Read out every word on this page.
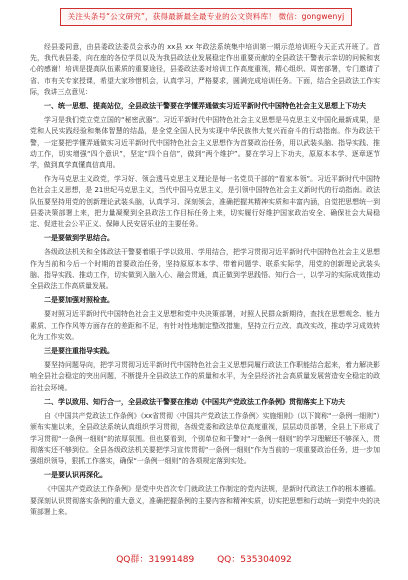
关注头条号“公文研究”，获得最新最全最专业的公文资料库！ 微信：gongwenyj

经县委同意，由县委政法委员会承办的 xx县 xx 年政法系统集中培训第一期示范培训班今天正式开班了。首先，我代表县委，向在座的各位学员以及为我县政法业发展稳定作出重要贡献的全县政法干警表示亲切的问候和衷心的感谢！培训是提高队伍素质的重要途径，县委政法委对培训工作高度重视，精心组织、周密部署，专门邀请了省、市有关专家授课，希望大家珍惜机会，认真学习，严格要求，圆满完成培训任务。下面，结合全县政法工作实际，我讲三点意见：

一、统一思想、提高站位，全县政法干警要在学懂弄通做实习近平新时代中国特色社会主义思想上下功夫

学习是我们党立党立国的“秘密武器”。习近平新时代中国特色社会主义思想是马克思主义中国化最新成果，是党和人民实践经验和集体智慧的结晶，是全党全国人民为实现中华民族伟大复兴而奋斗的行动指南。作为政法干警，一定要把学懂弄通做实习近平新时代中国特色社会主义思想作为首要政治任务，用以武装头脑、指导实践、推动工作，切实增强“四个意识”，坚定“四个自信”，做到“两个维护”。要在学习上下功夫，原原本本学、逐章逐节学，做到真学真懂真信真用。

作为马克思主义政党，学习好、领会透马克思主义理论是每一名党员干部的“看家本领”。习近平新时代中国特色社会主义思想，是 21世纪马克思主义，当代中国马克思主义，是引领中国特色社会主义新时代的行动指南。政法队伍要坚持用党的创新理论武装头脑，认真学习、深刻领会，准确把握其精神实质和丰富内涵，自觉把思想统一到县委决策部署上来，把力量凝聚到全县政法工作目标任务上来，切实履行好维护国家政治安全、确保社会大局稳定、促进社会公平正义、保障人民安居乐业的主要任务。

一是要做到学思结合。

各级政法机关和全体政法干警要着眼于学以致用、学用结合，把学习贯彻习近平新时代中国特色社会主义思想作为当前和今后一个时期的首要政治任务，坚持原原本本学、带着问题学、联系实际学，用党的创新理论武装头脑、指导实践、推动工作，切实做到入脑入心、融会贯通，真正做到学思践悟、知行合一，以学习的实际成效推动全县政法工作高质量发展。

二是要加强对照检查。

要对照习近平新时代中国特色社会主义思想和党中央决策部署，对照人民群众新期待，查找在思想观念、能力素质、工作作风等方面存在的差距和不足，有针对性地制定整改措施，坚持立行立改、真改实改，推动学习成效转化为工作实效。

三是要注重指导实践。

要坚持问题导向，把学习贯彻习近平新时代中国特色社会主义思想同履行政法工作职能结合起来，着力解决影响全县社会稳定的突出问题，不断提升全县政法工作的质量和水平，为全县经济社会高质量发展营造安全稳定的政治社会环境。

二、学以致用、知行合一，全县政法干警要在推动《中国共产党政法工作条例》贯彻落实上下功夫

自《中国共产党政法工作条例》《xx省贯彻〈中国共产党政法工作条例〉实施细则》（以下简称“一条例一细则”）颁布实施以来，全县政法系统认真组织学习贯彻，各级党委和政法单位高度重视，层层动员部署，全县上下形成了学习贯彻“一条例一细则”的浓厚氛围。但也要看到，个别单位和干警对“一条例一细则”的学习理解还不够深入，贯彻落实还不够到位。全县各级政法机关要把学习宣传贯彻“一条例一细则”作为当前的一项重要政治任务，进一步加强组织领导，狠抓工作落实，确保“一条例一细则”的各项规定落到实处。

一是要认识再深化。

《中国共产党政法工作条例》是党中央首次专门就政法工作制定的党内法规，是新时代政法工作的根本遵循。要深刻认识贯彻落实条例的重大意义，准确把握条例的主要内容和精神实质，切实把思想和行动统一到党中央的决策部署上来。

QQ群：31991489	QQ：535304092
